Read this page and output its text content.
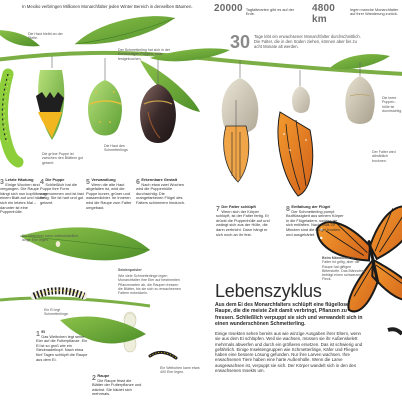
In Mexiko verbringen Millionen Monarchfalter jeden Winter Bereich in denselben Bäumen.	20000 Tagfalterarten gibt es auf der Erde.
4800 km
legen manche Monarchfalter auf ihrer Wanderung zurück.
30 Tage lebt ein erwachsener Monarchfalter durchschnittlich. Die Falter, die in den Süden ziehen, können aber bis zu acht Monate alt werden.
Die Haut bleibt an der Stelle.
Der Schmetterling hat sich in der Kerbbeutigen Puppen- hülle festgekrochen.
Die grüne Puppe ist zwischen den Blättern gut getarnt.
Die Haut des Schmetterlings
Die leere Puppen- hülle ist durchsichtig.
Der Falter wird allmählich trocknen.
Beim Männchen Der Falter ist grifig, aber die Raupe hat giftigen Bitterstoffe. Das Männchen beträgt einen schwarzen Fleck.
Ein Weibchen kann unterschiedlich lange Eier legen.
Seidenpolster
Wie viele Schmetterlinge legen Monarchfalter ihre Eier auf bestimmten Pflanzenarten ab, die Raupen fressen die Blätter, bis sie sich zu erwachsenen Faltern entwickeln.
Ein Ei legt Schmetterlinge.
Ein Weibchen kann etwa 400 Eier legen.
3 Letzte Häutung
Einige Wochen sind vergangen. Die Raupe hängt sich nun kopfüber an einem Blatt auf und häutet sich ein letztes Mal – darunter ist eine Puppenhülle.
4 Die Puppe
Schließlich hat die Puppe ihre Form angenommen und ist fast fertig. Sie ist hart und gut getarnt.
5 Verwandlung
Wenn die alte Haut abgefallen ist, wird die Puppe kurzer, grüner und wasserdichter. Im Inneren wird die Raupe zum Falter umgebaut.
6 Erkennbare Gestalt
Nach etwa zwei Wochen wird die Puppenhülle durchsichtig: Die orangefarbenen Flügel des Falters schimmern hindurch.
7 Der Falter schlüpft
Wenn sich der Körper schlüpft, ist der Falter fertig. Er drückt die Puppenhülle auf und zwängt sich aus der Hülle, die dann zerbricht. Dann hängt er sich noch an ihr fest.
8 Entfaltung der Flügel
Der Schmetterling pumpt Blutflüssigkeit aus seinem Körper in die Flügeladern, sodass sie sich entfalten. Nach etwa 20 Minuten sind die Flügel trocken und ausgehärtet.
1 Ei
Das Weibchen legt seine Eier auf die Futterpflanze. Ein Ei ist so groß wie ein Stecknadelkopf. Nach etwa fünf Tagen schlüpft die Raupe aus dem Ei.
2 Raupe
Die Raupe frisst die Blätter der Futterpflanze und wächst. Sie häutet sich mehrmals.
Lebenszyklus
Aus dem Ei des Monarchfalters schlüpft eine flügellose Raupe, die die meiste Zeit damit verbringt, Pflanzen zu fressen. Schließlich verpuppt sie sich und verwandelt sich in einen wunderschönen Schmetterling.
Einige Insekten sehen bereits aus wie winzige Ausgaben ihrer Eltern, wenn sie aus dem Ei schlüpfen. Weil sie wachsen, müssen sie ihr Außenskelett mehrmals abwerfen und durch ein größeres ersetzen. Das ist schwierig und gefährlich. Einige Insektengruppen wie Schmetterlinge, Käfer und Fliegen haben eine bessere Lösung gefunden. Nur ihre Larven wachsen. Ihre erwachsenen Tiere haben eine harte Außenhülle. Wenn die Larve ausgewachsen ist, verpuppt sie sich. Der Körper wandelt sich in den des erwachsenen Insekts um.
